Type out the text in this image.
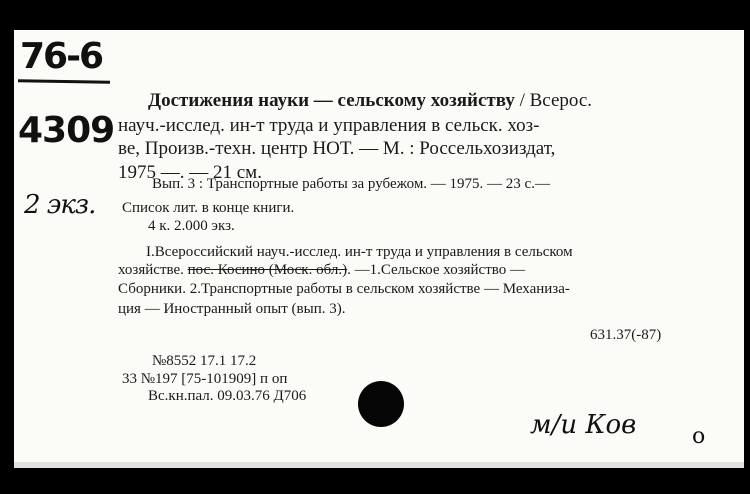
76-6
4309
2 экз.
Достижения науки — сельскому хозяйству / Всерос.
науч.-исслед. ин-т труда и управления в сельск. хоз-
ве, Произв.-техн. центр НОТ. — М. : Россельхозиздат,
1975 —. — 21 см.
Вып. 3 : Транспортные работы за рубежом. — 1975. — 23 с.—
Список лит. в конце книги.
4 к. 2.000 экз.
I.Всероссийский науч.-исслед. ин-т труда и управления в сельском
хозяйстве. пос. Косино (Моск. обл.). —1.Сельское хозяйство —
Сборники. 2.Транспортные работы в сельском хозяйстве — Механиза-
ция — Иностранный опыт (вып. 3).
631.37(-87)
№8552 17.1 17.2
33 №197 [75-101909] п оп
Вс.кн.пал. 09.03.76 Д706
м/и Ков	о
